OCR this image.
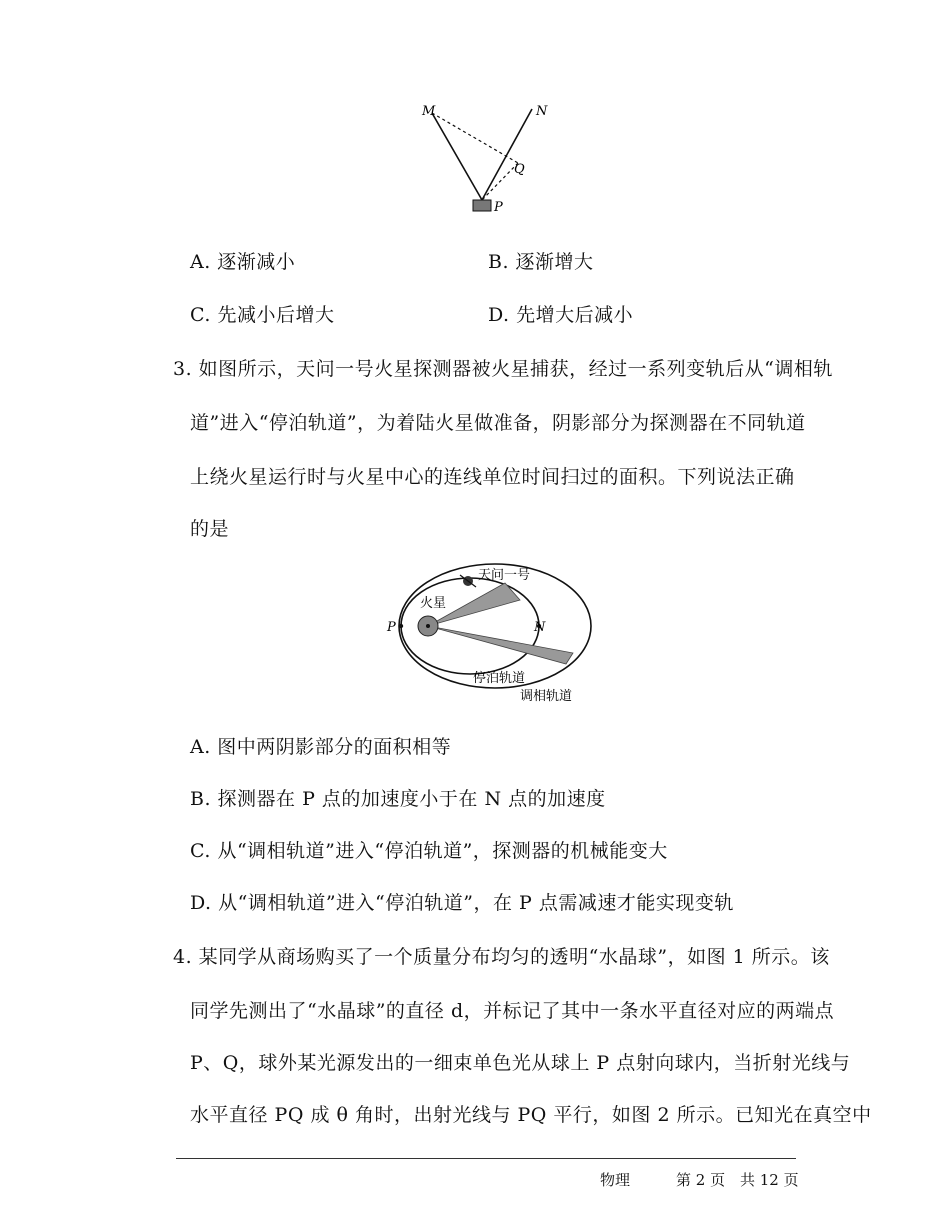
M	N
Q
P
A. 逐渐减小	B. 逐渐增大
C. 先减小后增大	D. 先增大后减小
3. 如图所示，天问一号火星探测器被火星捕获，经过一系列变轨后从“调相轨
道”进入“停泊轨道”，为着陆火星做准备，阴影部分为探测器在不同轨道
上绕火星运行时与火星中心的连线单位时间扫过的面积。下列说法正确
的是
天问一号
火星
P	N
停泊轨道
调相轨道
A. 图中两阴影部分的面积相等
B. 探测器在 P 点的加速度小于在 N 点的加速度
C. 从“调相轨道”进入“停泊轨道”，探测器的机械能变大
D. 从“调相轨道”进入“停泊轨道”，在 P 点需减速才能实现变轨
4. 某同学从商场购买了一个质量分布均匀的透明“水晶球”，如图 1 所示。该
同学先测出了“水晶球”的直径 d，并标记了其中一条水平直径对应的两端点
P、Q，球外某光源发出的一细束单色光从球上 P 点射向球内，当折射光线与
水平直径 PQ 成 θ 角时，出射光线与 PQ 平行，如图 2 所示。已知光在真空中
物理	第 2 页 共 12 页
